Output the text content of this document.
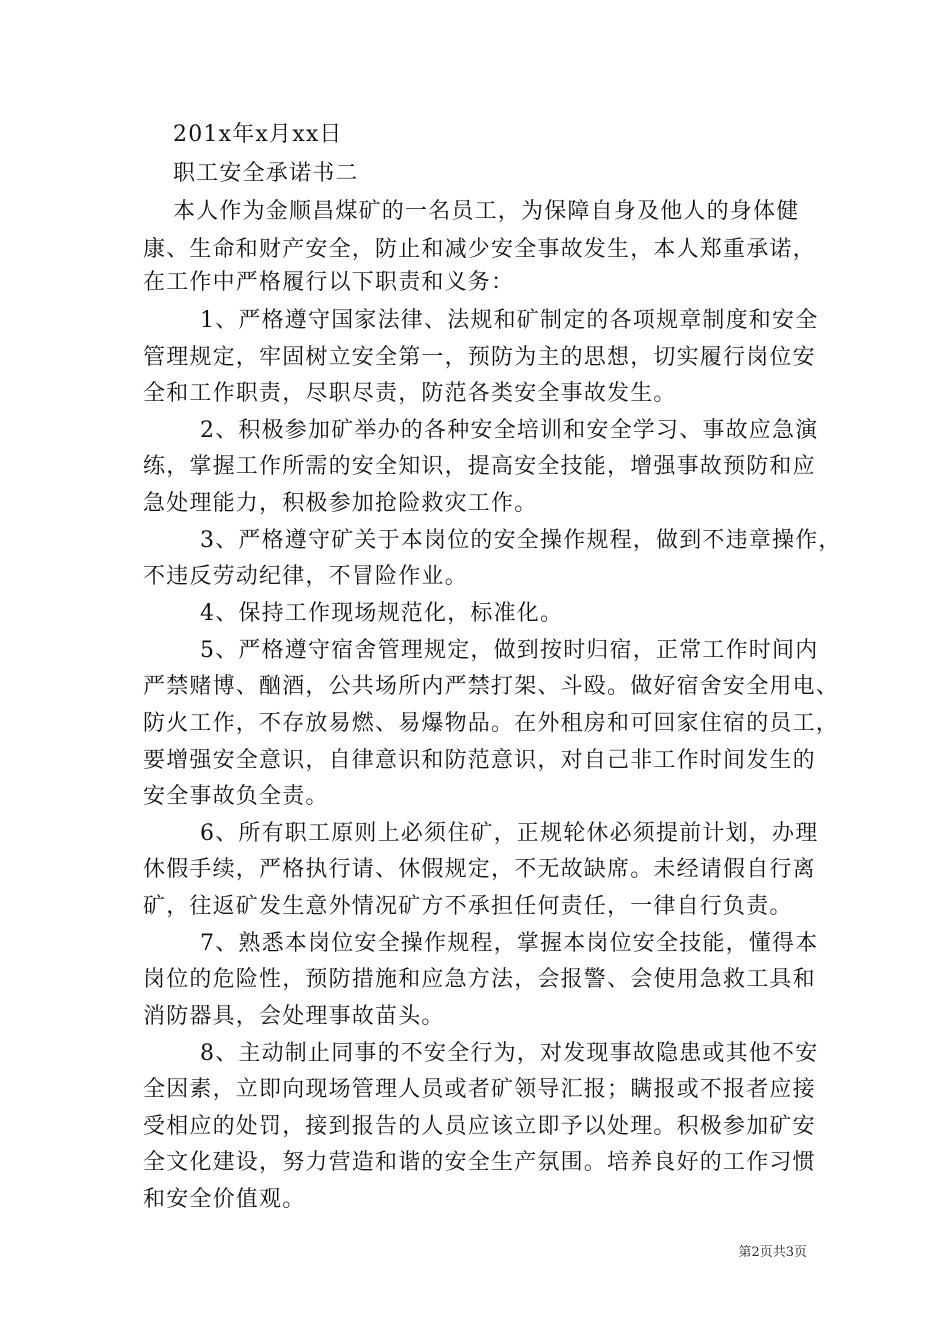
201x年x月xx日
职工安全承诺书二
本人作为金顺昌煤矿的一名员工，为保障自身及他人的身体健
康、生命和财产安全，防止和减少安全事故发生，本人郑重承诺，
在工作中严格履行以下职责和义务：
1、严格遵守国家法律、法规和矿制定的各项规章制度和安全
管理规定，牢固树立安全第一，预防为主的思想，切实履行岗位安
全和工作职责，尽职尽责，防范各类安全事故发生。
2、积极参加矿举办的各种安全培训和安全学习、事故应急演
练，掌握工作所需的安全知识，提高安全技能，增强事故预防和应
急处理能力，积极参加抢险救灾工作。
3、严格遵守矿关于本岗位的安全操作规程，做到不违章操作，
不违反劳动纪律，不冒险作业。
4、保持工作现场规范化，标准化。
5、严格遵守宿舍管理规定，做到按时归宿，正常工作时间内
严禁赌博、酗酒，公共场所内严禁打架、斗殴。做好宿舍安全用电、
防火工作，不存放易燃、易爆物品。在外租房和可回家住宿的员工，
要增强安全意识，自律意识和防范意识，对自己非工作时间发生的
安全事故负全责。
6、所有职工原则上必须住矿，正规轮休必须提前计划，办理
休假手续，严格执行请、休假规定，不无故缺席。未经请假自行离
矿，往返矿发生意外情况矿方不承担任何责任，一律自行负责。
7、熟悉本岗位安全操作规程，掌握本岗位安全技能，懂得本
岗位的危险性，预防措施和应急方法，会报警、会使用急救工具和
消防器具，会处理事故苗头。
8、主动制止同事的不安全行为，对发现事故隐患或其他不安
全因素，立即向现场管理人员或者矿领导汇报；瞒报或不报者应接
受相应的处罚，接到报告的人员应该立即予以处理。积极参加矿安
全文化建设，努力营造和谐的安全生产氛围。培养良好的工作习惯
和安全价值观。
第2页共3页
